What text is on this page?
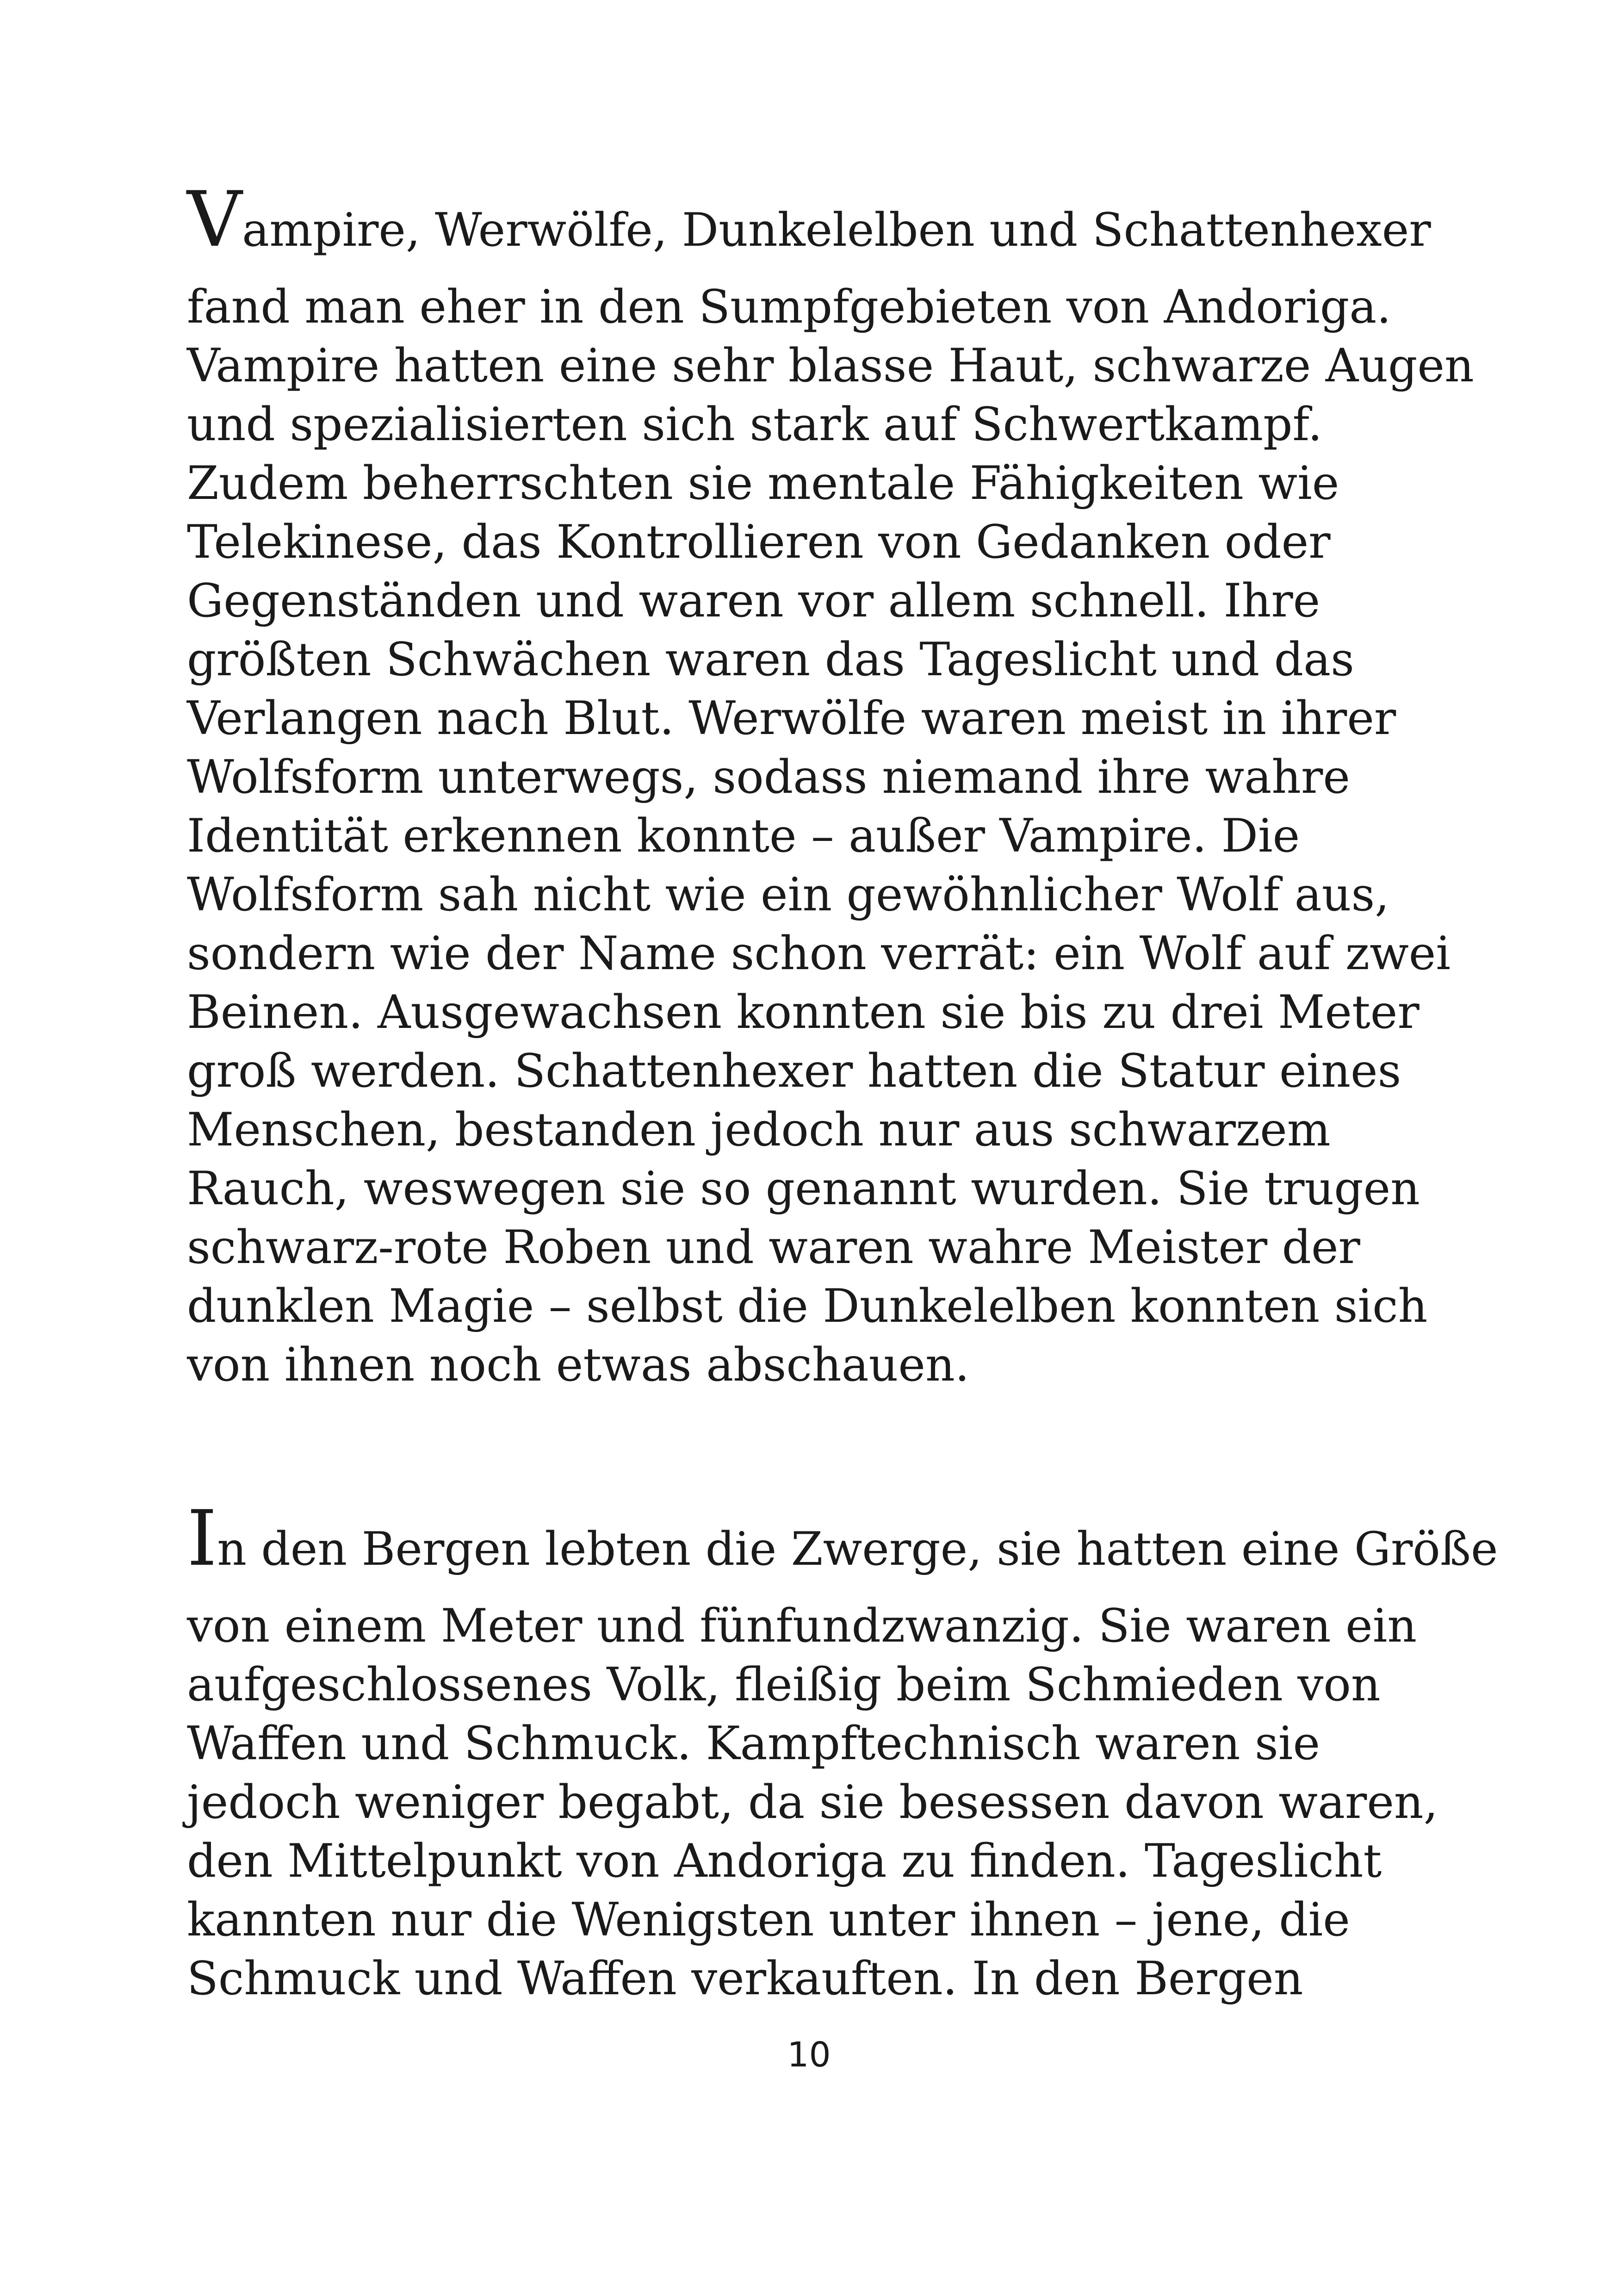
Vampire, Werwölfe, Dunkelelben und Schattenhexer
fand man eher in den Sumpfgebieten von Andoriga.
Vampire hatten eine sehr blasse Haut, schwarze Augen
und spezialisierten sich stark auf Schwertkampf.
Zudem beherrschten sie mentale Fähigkeiten wie
Telekinese, das Kontrollieren von Gedanken oder
Gegenständen und waren vor allem schnell. Ihre
größten Schwächen waren das Tageslicht und das
Verlangen nach Blut. Werwölfe waren meist in ihrer
Wolfsform unterwegs, sodass niemand ihre wahre
Identität erkennen konnte – außer Vampire. Die
Wolfsform sah nicht wie ein gewöhnlicher Wolf aus,
sondern wie der Name schon verrät: ein Wolf auf zwei
Beinen. Ausgewachsen konnten sie bis zu drei Meter
groß werden. Schattenhexer hatten die Statur eines
Menschen, bestanden jedoch nur aus schwarzem
Rauch, weswegen sie so genannt wurden. Sie trugen
schwarz-rote Roben und waren wahre Meister der
dunklen Magie – selbst die Dunkelelben konnten sich
von ihnen noch etwas abschauen.
In den Bergen lebten die Zwerge, sie hatten eine Größe
von einem Meter und fünfundzwanzig. Sie waren ein
aufgeschlossenes Volk, fleißig beim Schmieden von
Waffen und Schmuck. Kampftechnisch waren sie
jedoch weniger begabt, da sie besessen davon waren,
den Mittelpunkt von Andoriga zu finden. Tageslicht
kannten nur die Wenigsten unter ihnen – jene, die
Schmuck und Waffen verkauften. In den Bergen
10
